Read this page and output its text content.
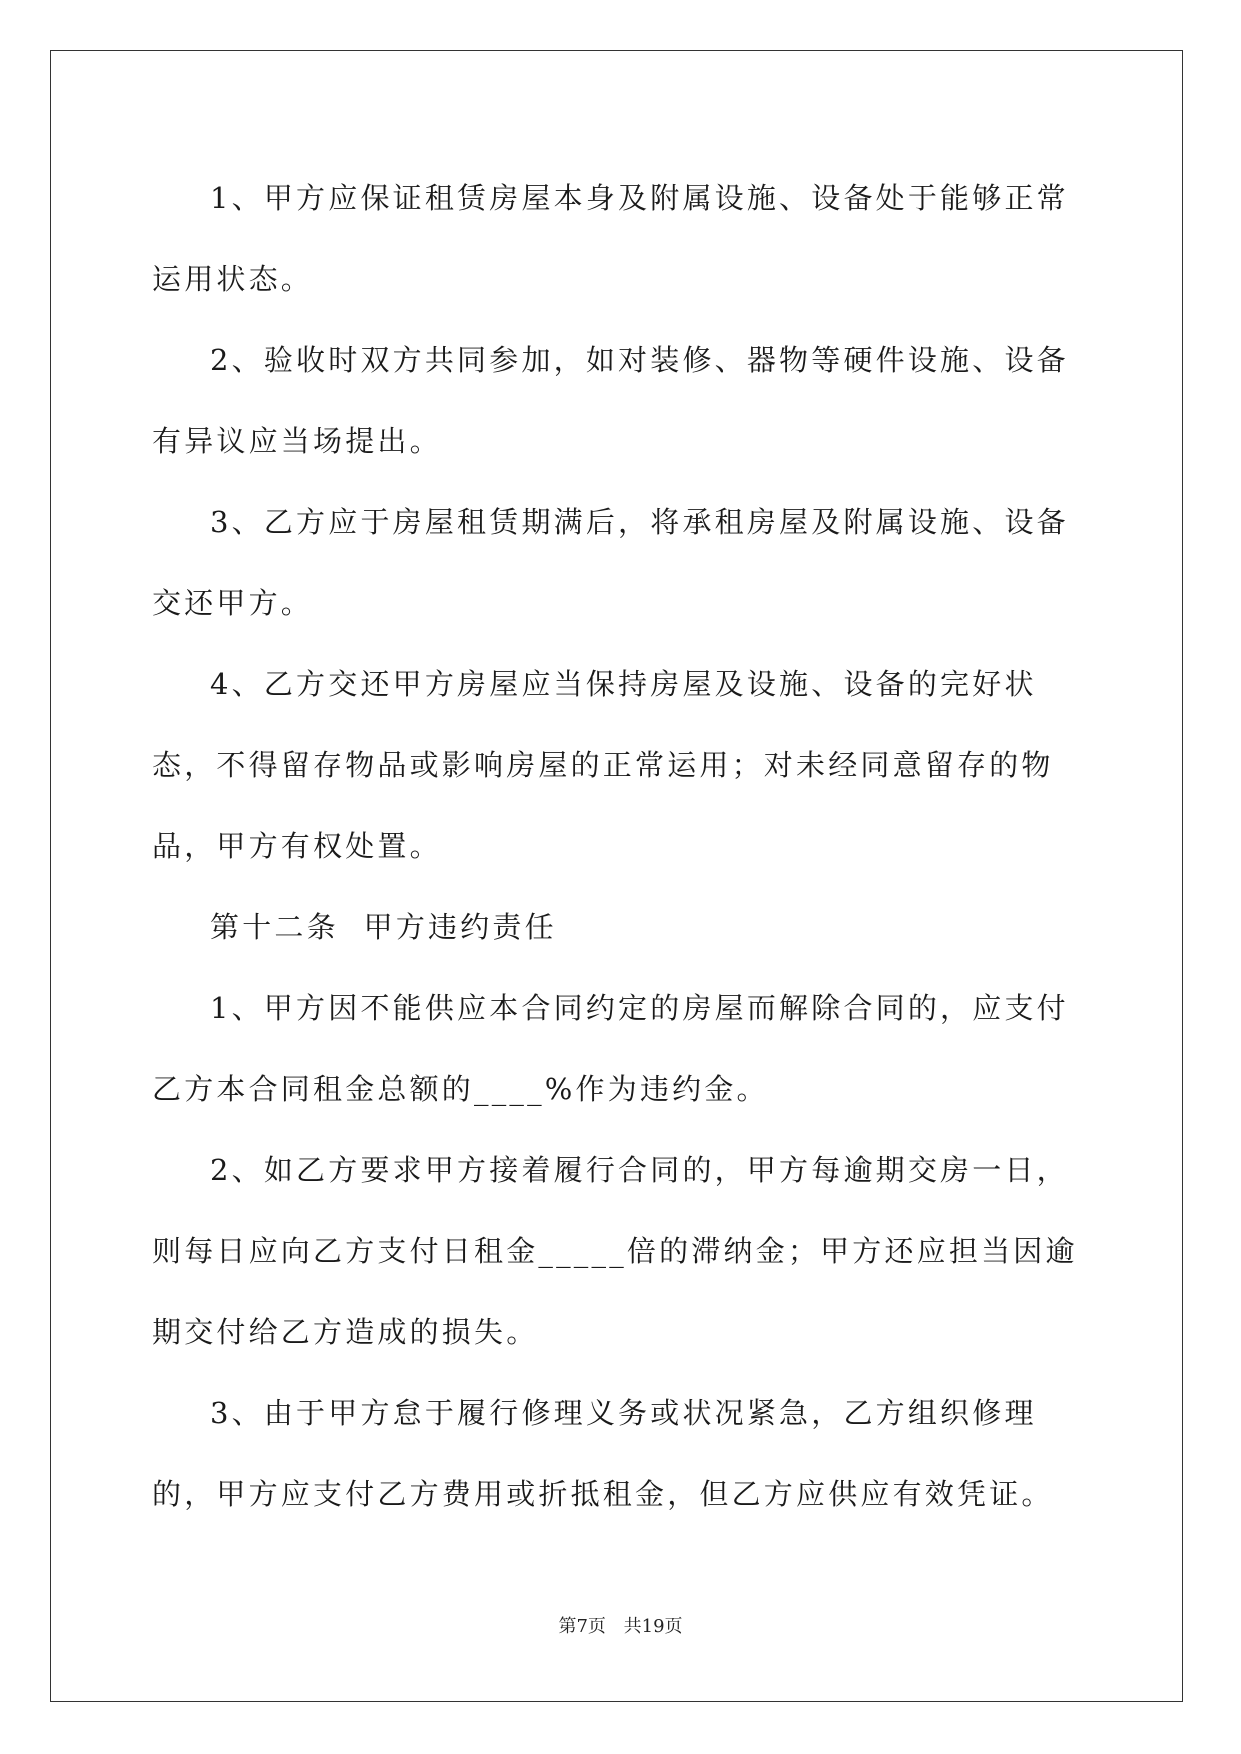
1、甲方应保证租赁房屋本身及附属设施、设备处于能够正常运用状态。

2、验收时双方共同参加，如对装修、器物等硬件设施、设备有异议应当场提出。

3、乙方应于房屋租赁期满后，将承租房屋及附属设施、设备交还甲方。

4、乙方交还甲方房屋应当保持房屋及设施、设备的完好状态，不得留存物品或影响房屋的正常运用；对未经同意留存的物品，甲方有权处置。

第十二条  甲方违约责任

1、甲方因不能供应本合同约定的房屋而解除合同的，应支付乙方本合同租金总额的____%作为违约金。

2、如乙方要求甲方接着履行合同的，甲方每逾期交房一日，则每日应向乙方支付日租金_____倍的滞纳金；甲方还应担当因逾期交付给乙方造成的损失。

3、由于甲方怠于履行修理义务或状况紧急，乙方组织修理的，甲方应支付乙方费用或折抵租金，但乙方应供应有效凭证。

第7页 共19页
